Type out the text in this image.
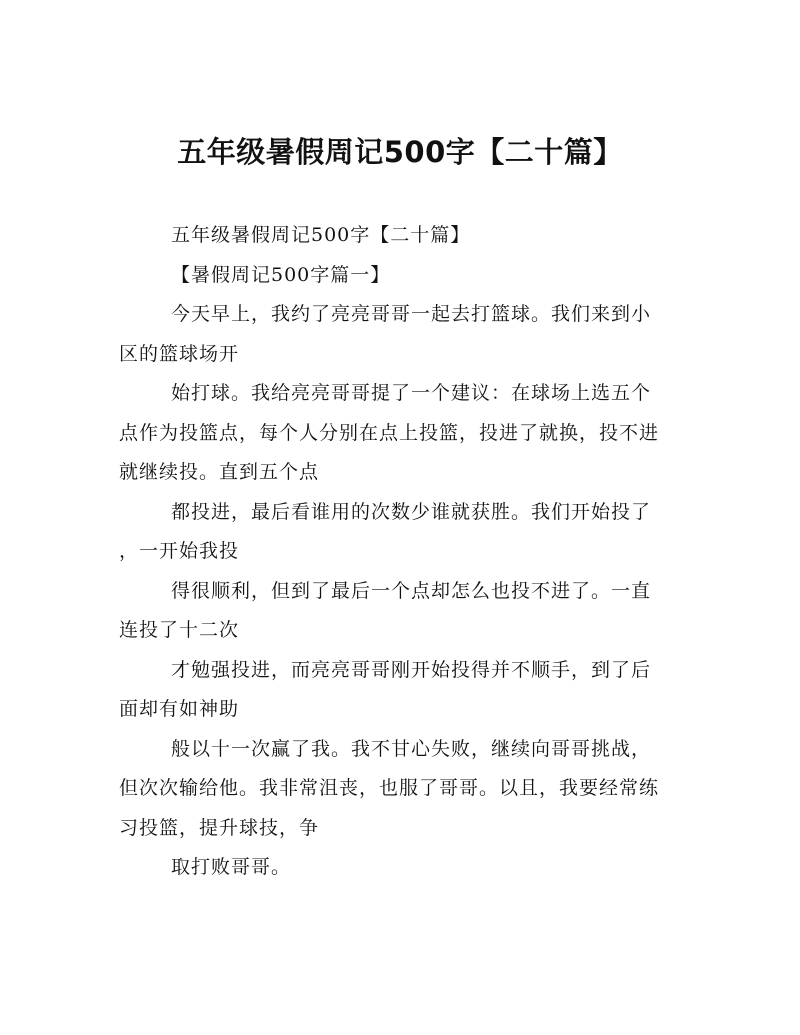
五年级暑假周记500字【二十篇】

五年级暑假周记500字【二十篇】

【暑假周记500字篇一】

今天早上，我约了亮亮哥哥一起去打篮球。我们来到小
区的篮球场开

始打球。我给亮亮哥哥提了一个建议：在球场上选五个
点作为投篮点，每个人分别在点上投篮，投进了就换，投不进
就继续投。直到五个点

都投进，最后看谁用的次数少谁就获胜。我们开始投了
，一开始我投

得很顺利，但到了最后一个点却怎么也投不进了。一直
连投了十二次

才勉强投进，而亮亮哥哥刚开始投得并不顺手，到了后
面却有如神助

般以十一次赢了我。我不甘心失败，继续向哥哥挑战，
但次次输给他。我非常沮丧，也服了哥哥。以且，我要经常练
习投篮，提升球技，争

取打败哥哥。
